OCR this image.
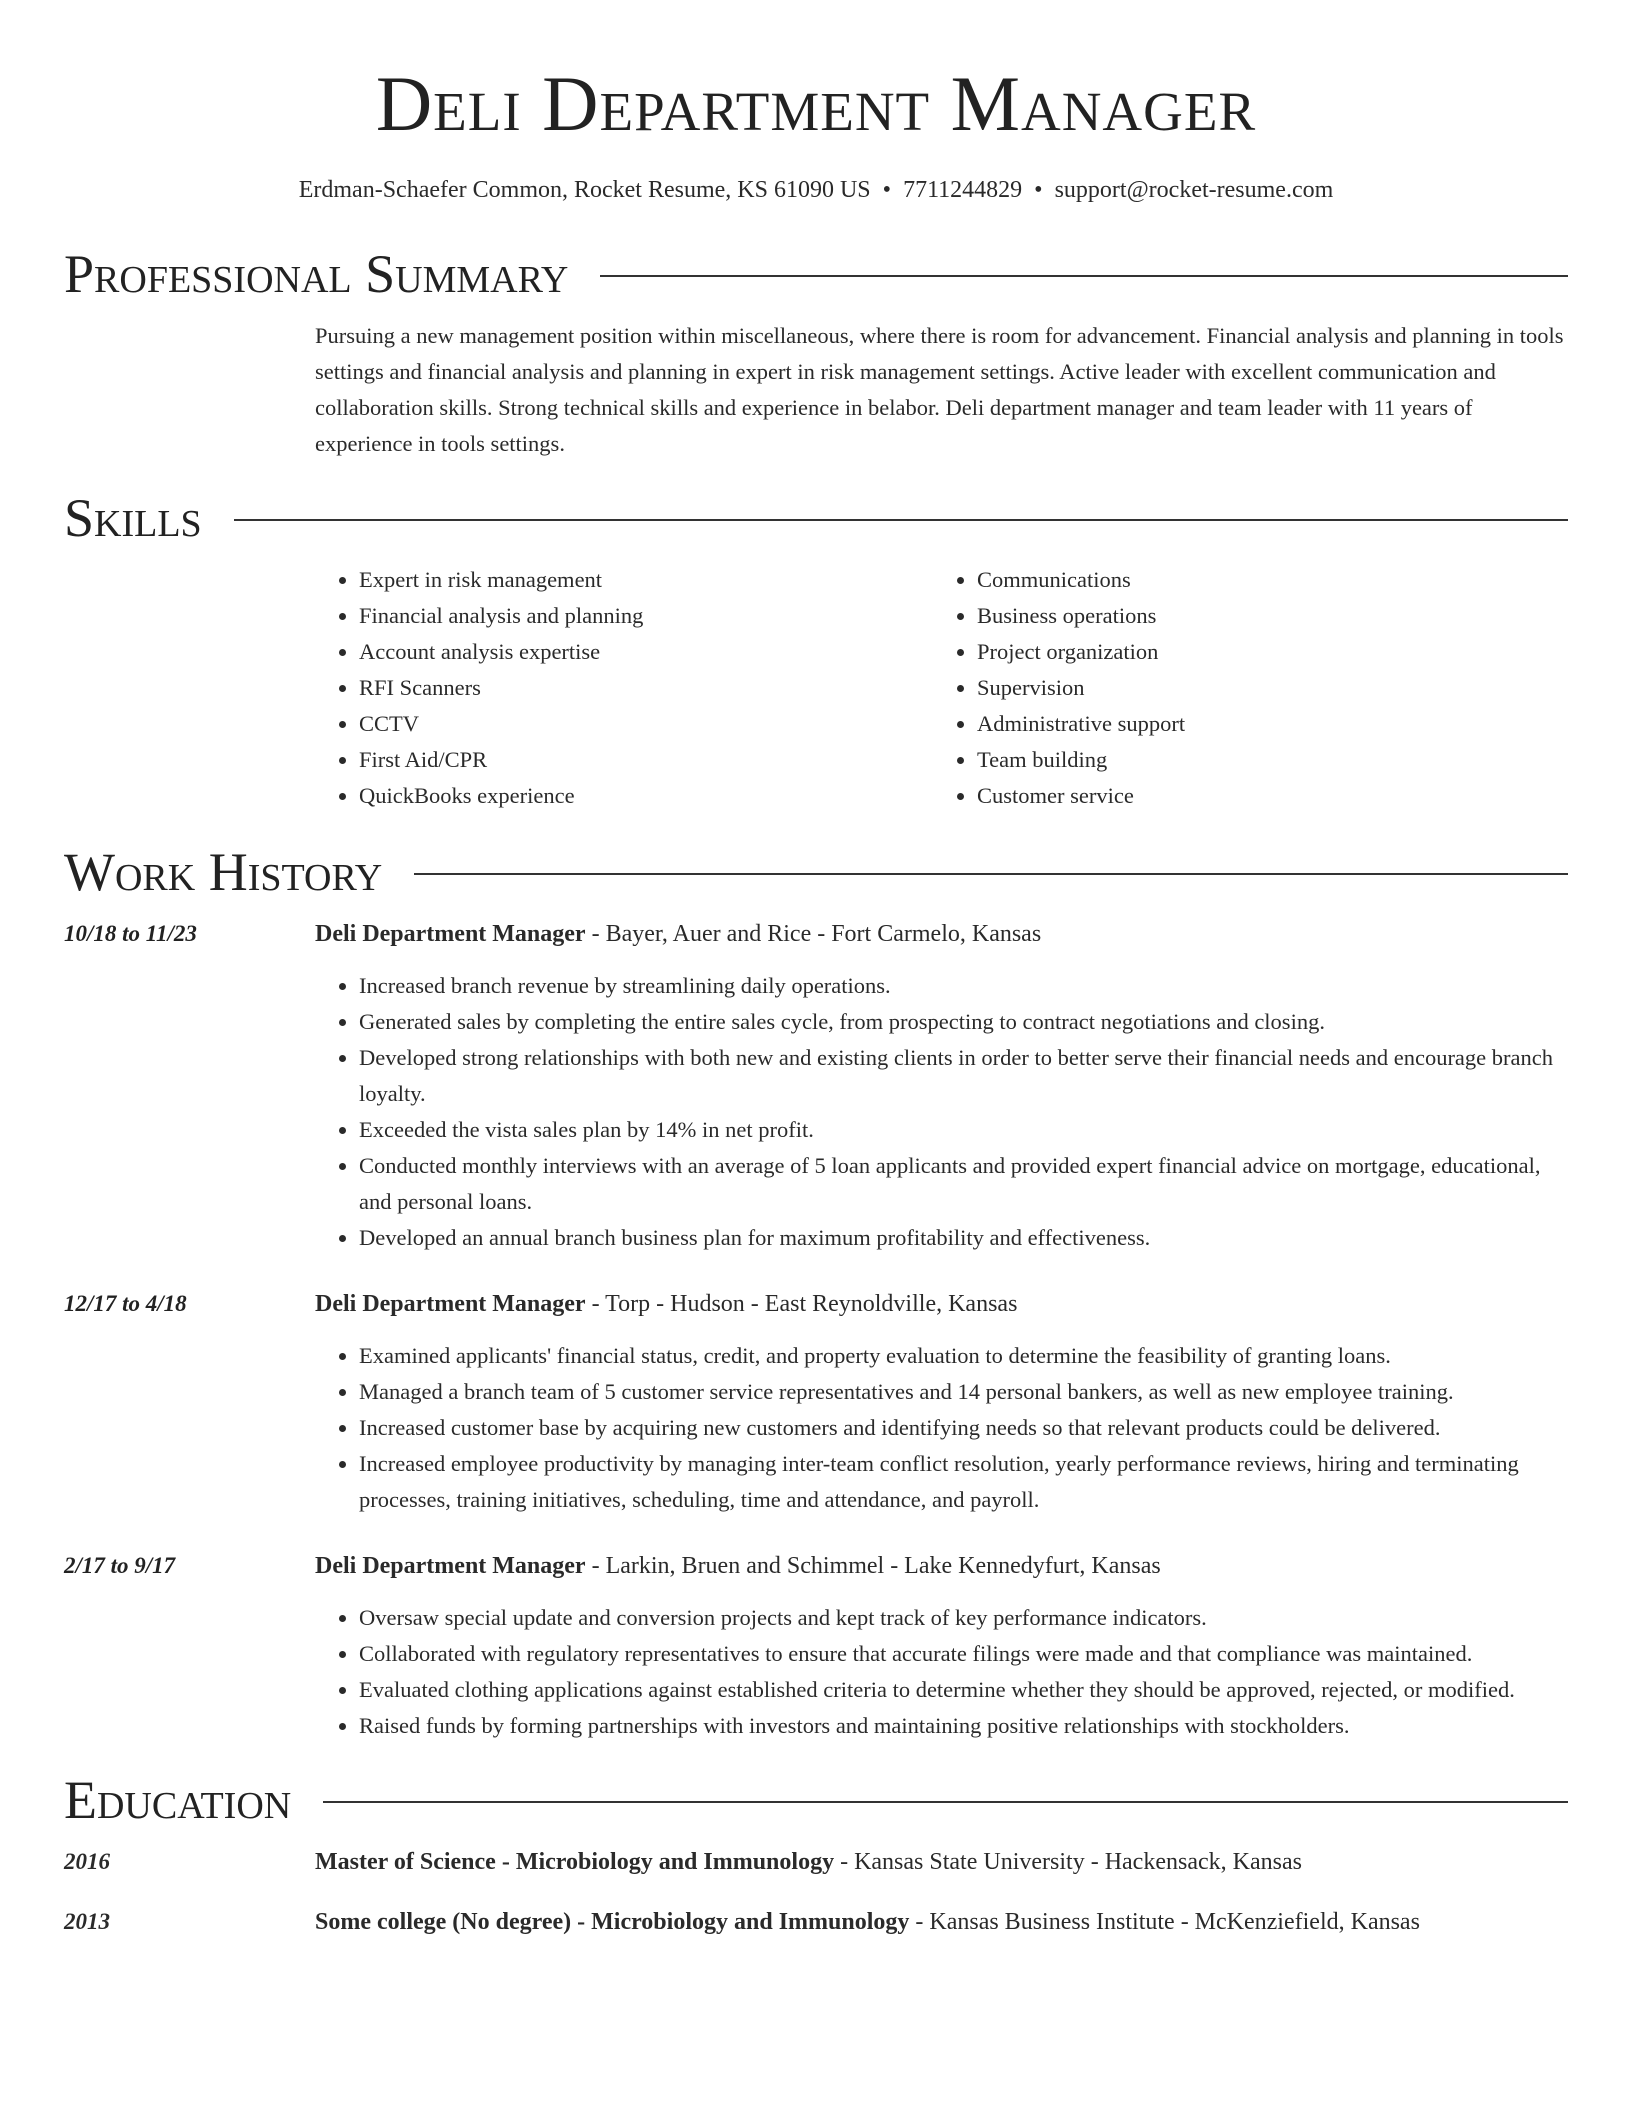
Deli Department Manager
Erdman-Schaefer Common, Rocket Resume, KS 61090 US • 7711244829 • support@rocket-resume.com
Professional Summary
Pursuing a new management position within miscellaneous, where there is room for advancement. Financial analysis and planning in tools settings and financial analysis and planning in expert in risk management settings. Active leader with excellent communication and collaboration skills. Strong technical skills and experience in belabor. Deli department manager and team leader with 11 years of experience in tools settings.
Skills
• Expert in risk management
• Financial analysis and planning
• Account analysis expertise
• RFI Scanners
• CCTV
• First Aid/CPR
• QuickBooks experience
• Communications
• Business operations
• Project organization
• Supervision
• Administrative support
• Team building
• Customer service
Work History
10/18 to 11/23	Deli Department Manager - Bayer, Auer and Rice - Fort Carmelo, Kansas
• Increased branch revenue by streamlining daily operations.
• Generated sales by completing the entire sales cycle, from prospecting to contract negotiations and closing.
• Developed strong relationships with both new and existing clients in order to better serve their financial needs and encourage branch loyalty.
• Exceeded the vista sales plan by 14% in net profit.
• Conducted monthly interviews with an average of 5 loan applicants and provided expert financial advice on mortgage, educational, and personal loans.
• Developed an annual branch business plan for maximum profitability and effectiveness.
12/17 to 4/18	Deli Department Manager - Torp - Hudson - East Reynoldville, Kansas
• Examined applicants' financial status, credit, and property evaluation to determine the feasibility of granting loans.
• Managed a branch team of 5 customer service representatives and 14 personal bankers, as well as new employee training.
• Increased customer base by acquiring new customers and identifying needs so that relevant products could be delivered.
• Increased employee productivity by managing inter-team conflict resolution, yearly performance reviews, hiring and terminating processes, training initiatives, scheduling, time and attendance, and payroll.
2/17 to 9/17	Deli Department Manager - Larkin, Bruen and Schimmel - Lake Kennedyfurt, Kansas
• Oversaw special update and conversion projects and kept track of key performance indicators.
• Collaborated with regulatory representatives to ensure that accurate filings were made and that compliance was maintained.
• Evaluated clothing applications against established criteria to determine whether they should be approved, rejected, or modified.
• Raised funds by forming partnerships with investors and maintaining positive relationships with stockholders.
Education
2016	Master of Science - Microbiology and Immunology - Kansas State University - Hackensack, Kansas
2013	Some college (No degree) - Microbiology and Immunology - Kansas Business Institute - McKenziefield, Kansas
